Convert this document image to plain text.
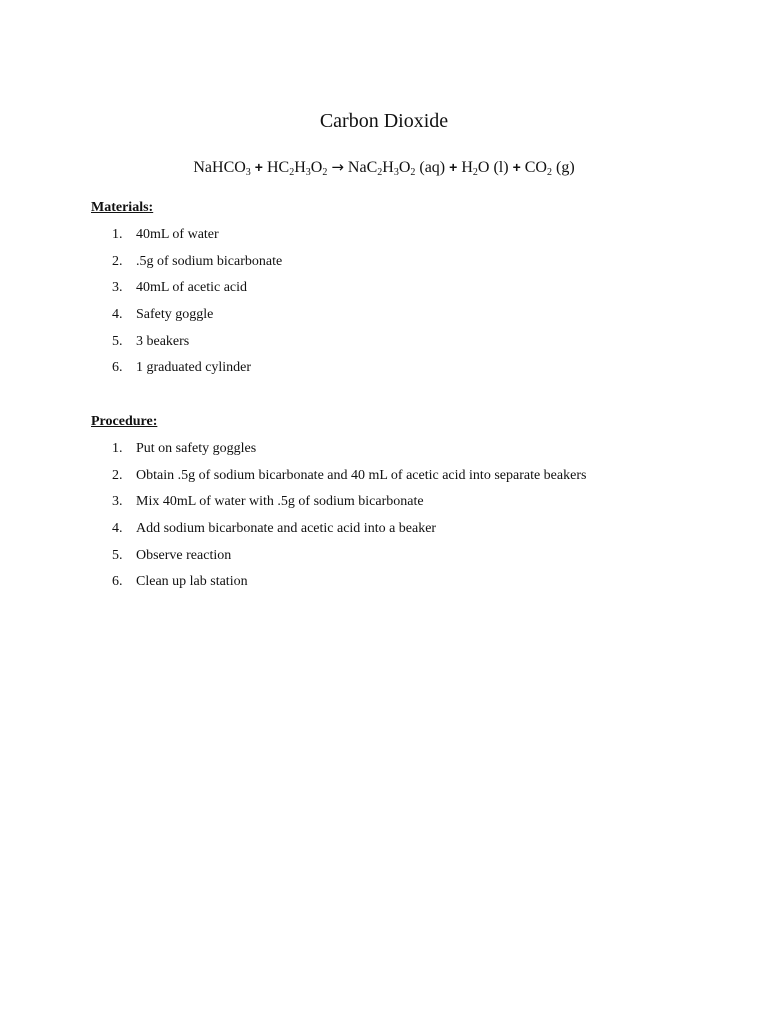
Carbon Dioxide
NaHCO$_3$ + $HC_2H_3O_2 \to NaC_2H_3O_2$ $(aq) + H_2O$ $(l) + CO_2$ (g)
Materials:
1. 40mL of water
2. .5g of sodium bicarbonate
3. 40mL of acetic acid
4. Safety goggle
5. 3 beakers
6. 1 graduated cylinder
Procedure:
1. Put on safety goggles
2. Obtain .5g of sodium bicarbonate and 40 mL of acetic acid into separate beakers
3. Mix 40mL of water with .5g of sodium bicarbonate
4. Add sodium bicarbonate and acetic acid into a beaker
5. Observe reaction
6. Clean up lab station
